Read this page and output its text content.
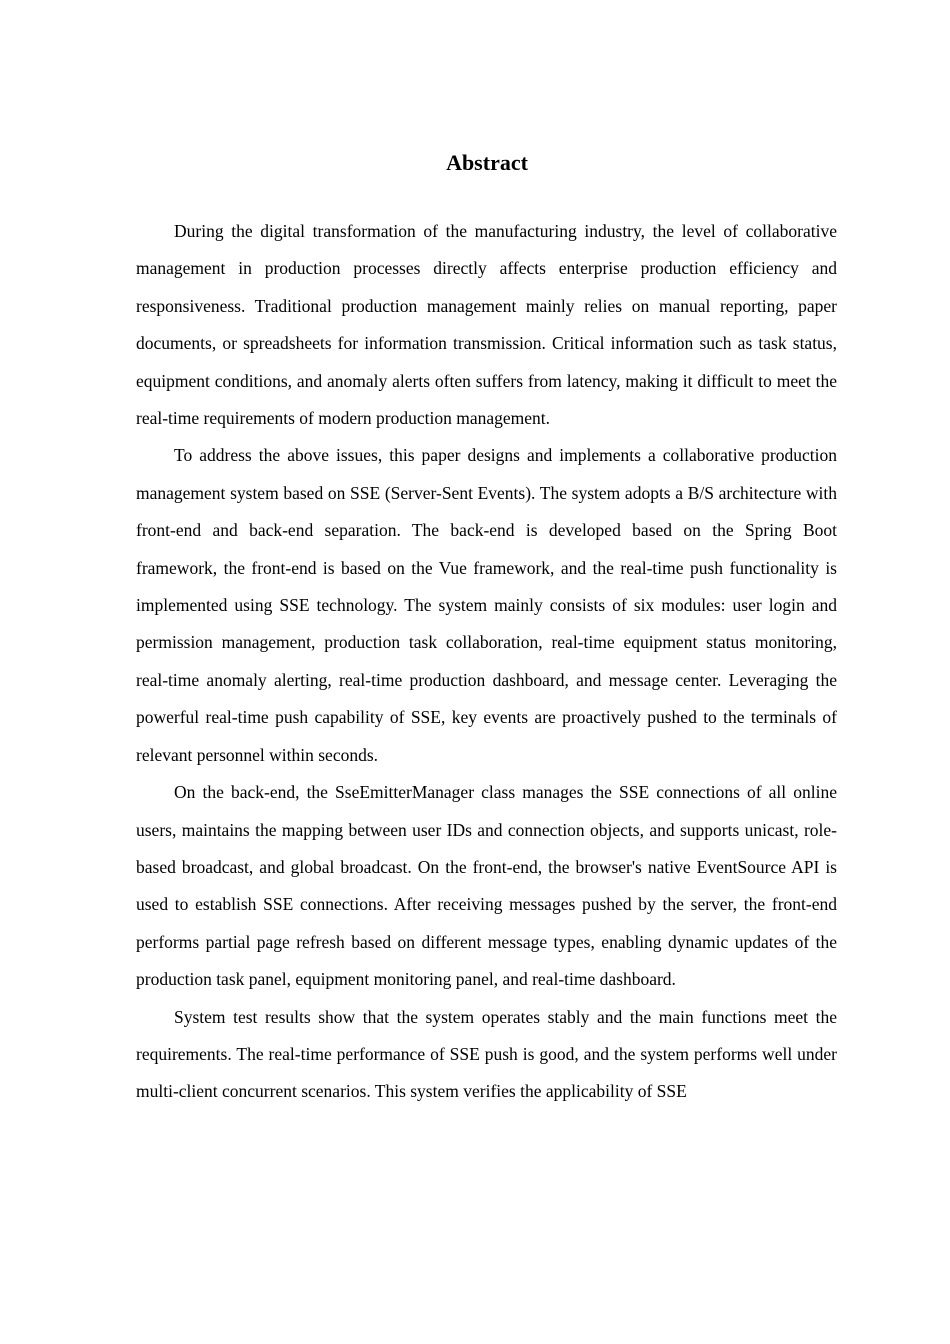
Abstract

During the digital transformation of the manufacturing industry, the level of collaborative management in production processes directly affects enterprise production efficiency and responsiveness. Traditional production management mainly relies on manual reporting, paper documents, or spreadsheets for information transmission. Critical information such as task status, equipment conditions, and anomaly alerts often suffers from latency, making it difficult to meet the real-time requirements of modern production management.

To address the above issues, this paper designs and implements a collaborative production management system based on SSE (Server-Sent Events). The system adopts a B/S architecture with front-end and back-end separation. The back-end is developed based on the Spring Boot framework, the front-end is based on the Vue framework, and the real-time push functionality is implemented using SSE technology. The system mainly consists of six modules: user login and permission management, production task collaboration, real-time equipment status monitoring, real-time anomaly alerting, real-time production dashboard, and message center. Leveraging the powerful real-time push capability of SSE, key events are proactively pushed to the terminals of relevant personnel within seconds.

On the back-end, the SseEmitterManager class manages the SSE connections of all online users, maintains the mapping between user IDs and connection objects, and supports unicast, role-based broadcast, and global broadcast. On the front-end, the browser's native EventSource API is used to establish SSE connections. After receiving messages pushed by the server, the front-end performs partial page refresh based on different message types, enabling dynamic updates of the production task panel, equipment monitoring panel, and real-time dashboard.

System test results show that the system operates stably and the main functions meet the requirements. The real-time performance of SSE push is good, and the system performs well under multi-client concurrent scenarios. This system verifies the applicability of SSE
